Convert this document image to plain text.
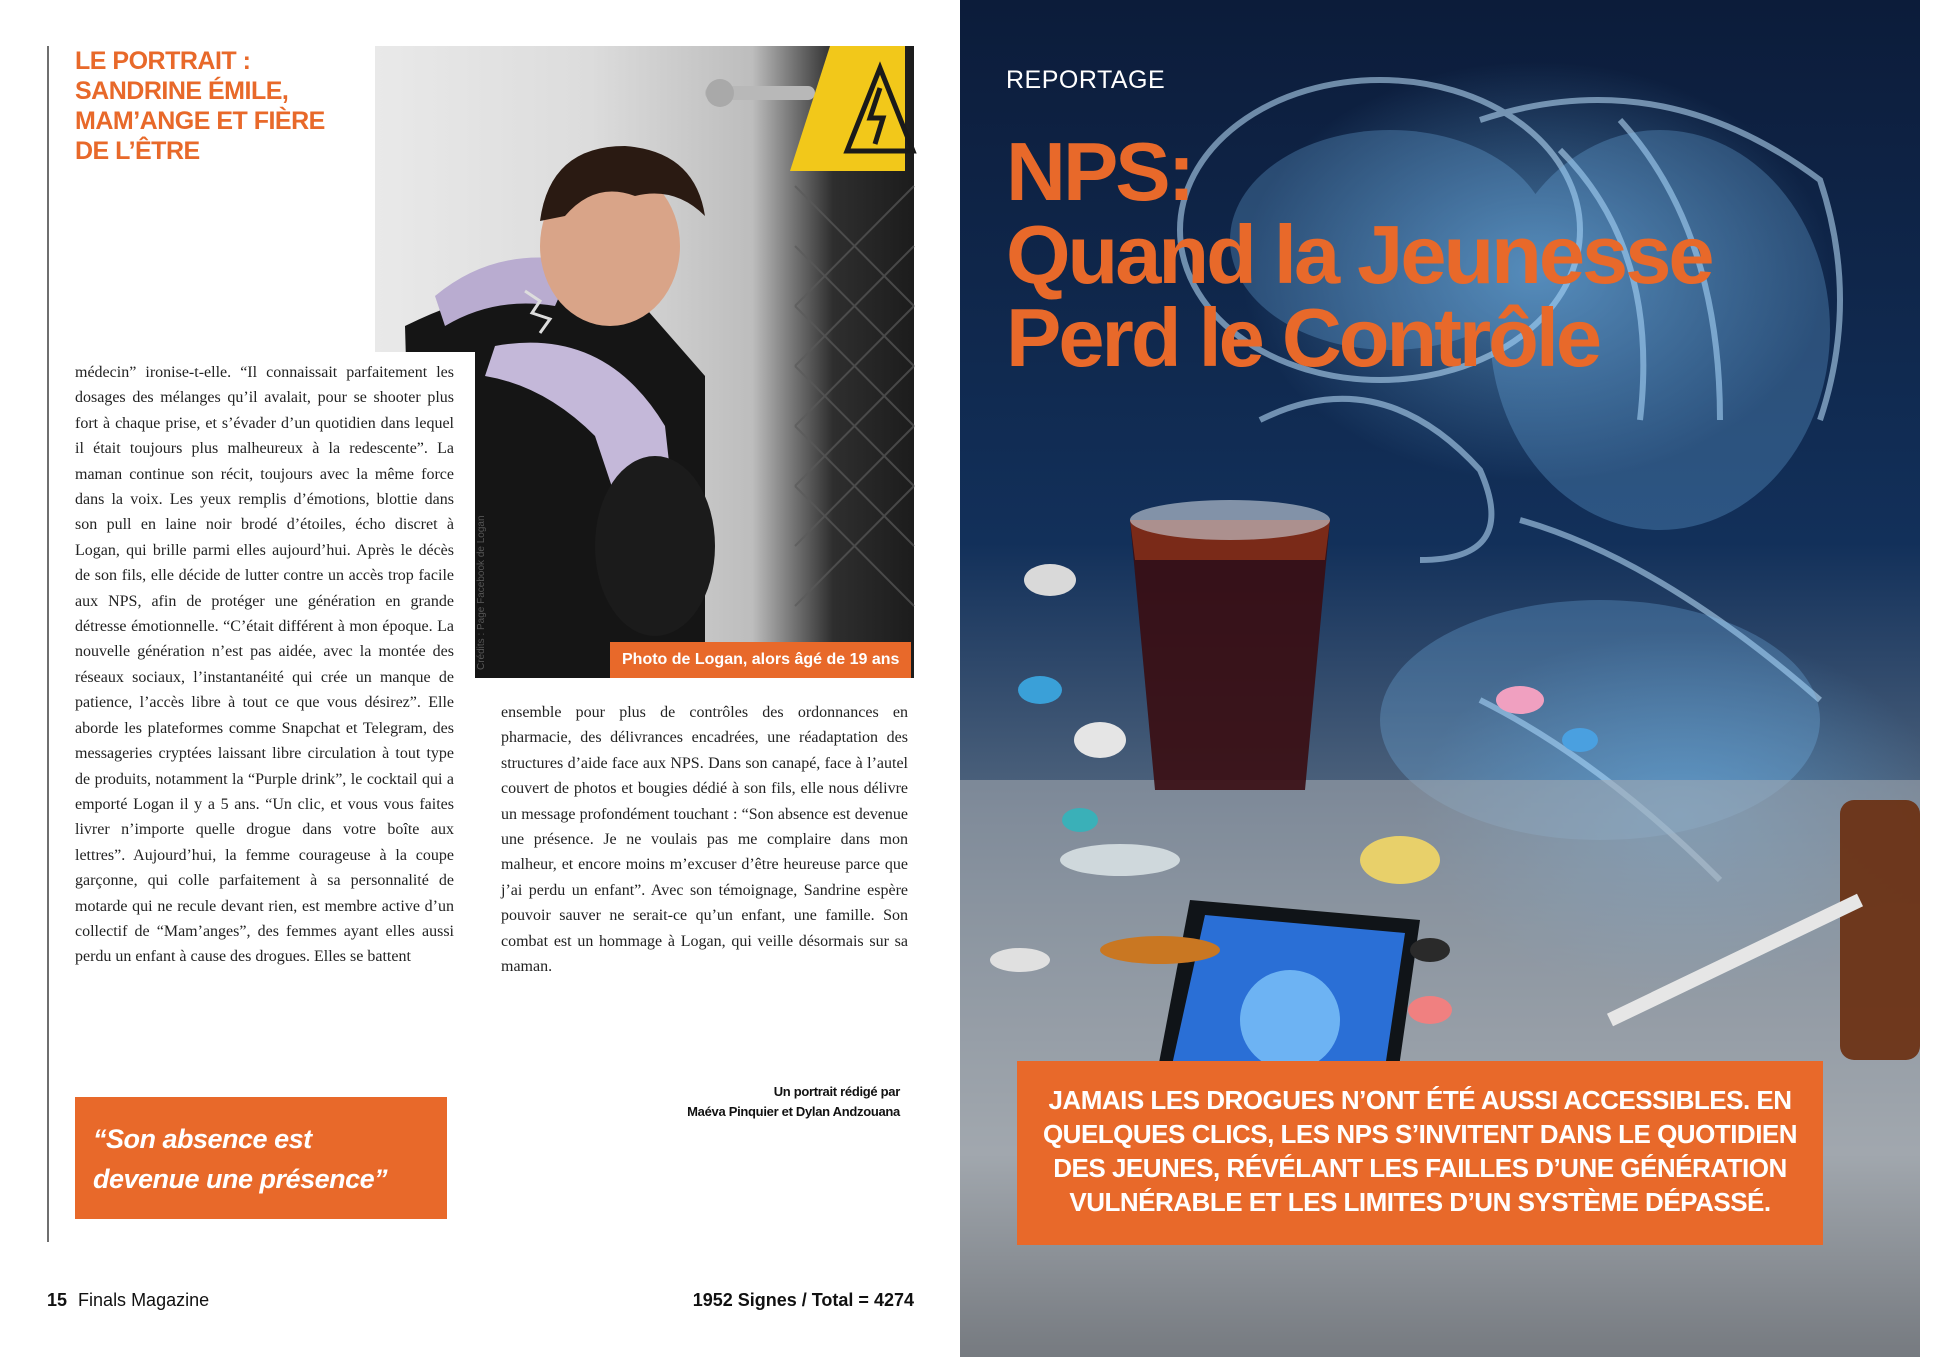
LE PORTRAIT :
SANDRINE ÉMILE,
MAM’ANGE ET FIÈRE
DE L’ÊTRE
Crédits : Page Facebook de Logan	Photo de Logan, alors âgé de 19 ans

médecin” ironise-t-elle. “Il connaissait parfaitement les dosages des mélanges qu’il avalait, pour se shooter plus fort à chaque prise, et s’évader d’un quotidien dans lequel il était toujours plus malheureux à la redescente”. La maman continue son récit, toujours avec la même force dans la voix. Les yeux remplis d’émotions, blottie dans son pull en laine noir brodé d’étoiles, écho discret à Logan, qui brille parmi elles aujourd’hui. Après le décès de son fils, elle décide de lutter contre un accès trop facile aux NPS, afin de protéger une génération en grande détresse émotionnelle. “C’était différent à mon époque. La nouvelle génération n’est pas aidée, avec la montée des réseaux sociaux, l’instantanéité qui crée un manque de patience, l’accès libre à tout ce que vous désirez”. Elle aborde les plateformes comme Snapchat et Telegram, des messageries cryptées laissant libre circulation à tout type de produits, notamment la “Purple drink”, le cocktail qui a emporté Logan il y a 5 ans. “Un clic, et vous vous faites livrer n’importe quelle drogue dans votre boîte aux lettres”. Aujourd’hui, la femme courageuse à la coupe garçonne, qui colle parfaitement à sa personnalité de motarde qui ne recule devant rien, est membre active d’un collectif de “Mam’anges”, des femmes ayant elles aussi perdu un enfant à cause des drogues. Elles se battent

ensemble pour plus de contrôles des ordonnances en pharmacie, des délivrances encadrées, une réadaptation des structures d’aide face aux NPS. Dans son canapé, face à l’autel couvert de photos et bougies dédié à son fils, elle nous délivre un message profondément touchant : “Son absence est devenue une présence. Je ne voulais pas me complaire dans mon malheur, et encore moins m’excuser d’être heureuse parce que j’ai perdu un enfant”. Avec son témoignage, Sandrine espère pouvoir sauver ne serait-ce qu’un enfant, une famille. Son combat est un hommage à Logan, qui veille désormais sur sa maman.

“Son absence est
devenue une présence”
Un portrait rédigé par
Maéva Pinquier et Dylan Andzouana
15 Finals Magazine	1952 Signes / Total = 4274
REPORTAGE
NPS:
Quand la Jeunesse
Perd le Contrôle
JAMAIS LES DROGUES N’ONT ÉTÉ AUSSI ACCESSIBLES. EN QUELQUES CLICS, LES NPS S’INVITENT DANS LE QUOTIDIEN DES JEUNES, RÉVÉLANT LES FAILLES D’UNE GÉNÉRATION VULNÉRABLE ET LES LIMITES D’UN SYSTÈME DÉPASSÉ.	Crédits : Pinterest / Image d’illustration
